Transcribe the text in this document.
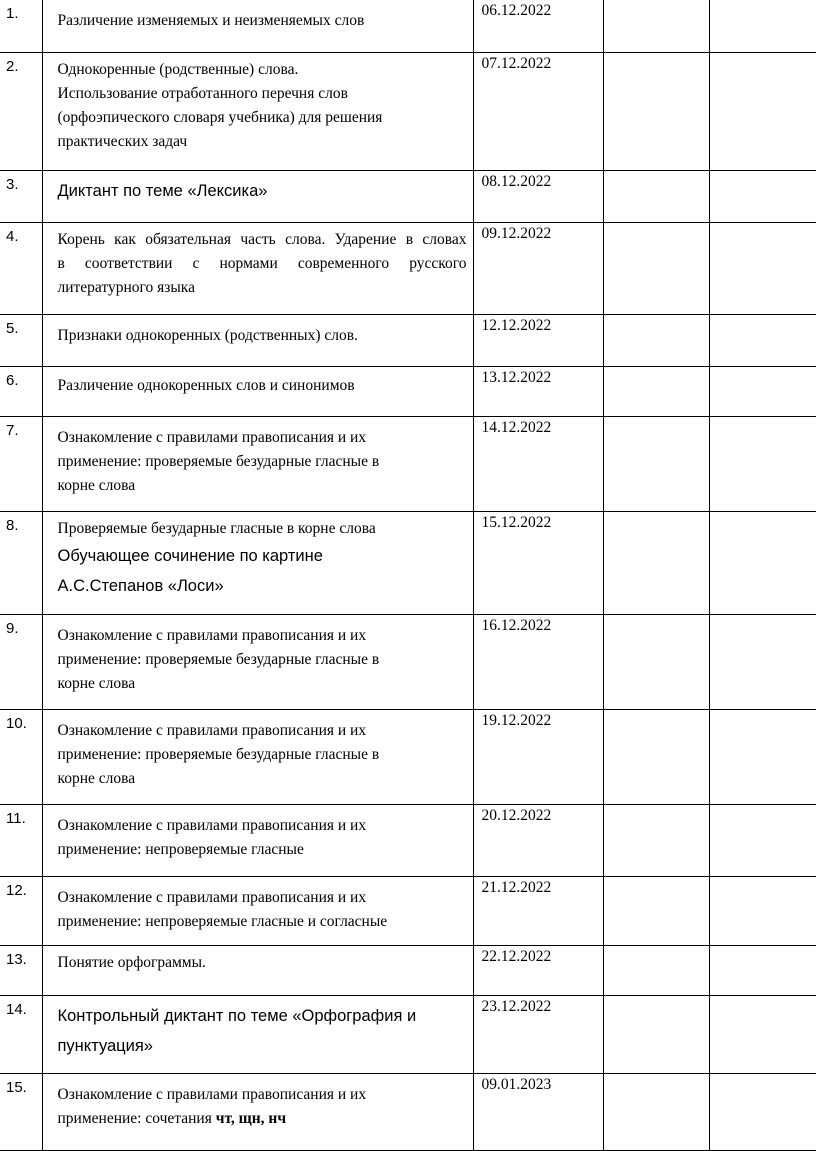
1.	Различение изменяемых и неизменяемых слов	06.12.2022		
2.	Однокоренные (родственные) слова.
Использование отработанного перечня слов
(орфоэпического словаря учебника) для решения
практических задач	07.12.2022		
3.	Диктант по теме «Лексика»	08.12.2022		
4.	Корень как обязательная часть слова. Ударение в словах
в соответствии с нормами современного русского
литературного языка	09.12.2022		
5.	Признаки однокоренных (родственных) слов.	12.12.2022		
6.	Различение однокоренных слов и синонимов	13.12.2022		
7.	Ознакомление с правилами правописания и их
применение: проверяемые безударные гласные в
корне слова	14.12.2022		
8.	Проверяемые безударные гласные в корне слова
Обучающее сочинение по картине
А.С.Степанов «Лоси»	15.12.2022		
9.	Ознакомление с правилами правописания и их
применение: проверяемые безударные гласные в
корне слова	16.12.2022		
10.	Ознакомление с правилами правописания и их
применение: проверяемые безударные гласные в
корне слова	19.12.2022		
11.	Ознакомление с правилами правописания и их
применение: непроверяемые гласные	20.12.2022		
12.	Ознакомление с правилами правописания и их
применение: непроверяемые гласные и согласные	21.12.2022		
13.	Понятие орфограммы.	22.12.2022		
14.	Контрольный диктант по теме «Орфография и
пунктуация»	23.12.2022		
15.	Ознакомление с правилами правописания и их
применение: сочетания чт, щн, нч	09.01.2023		
